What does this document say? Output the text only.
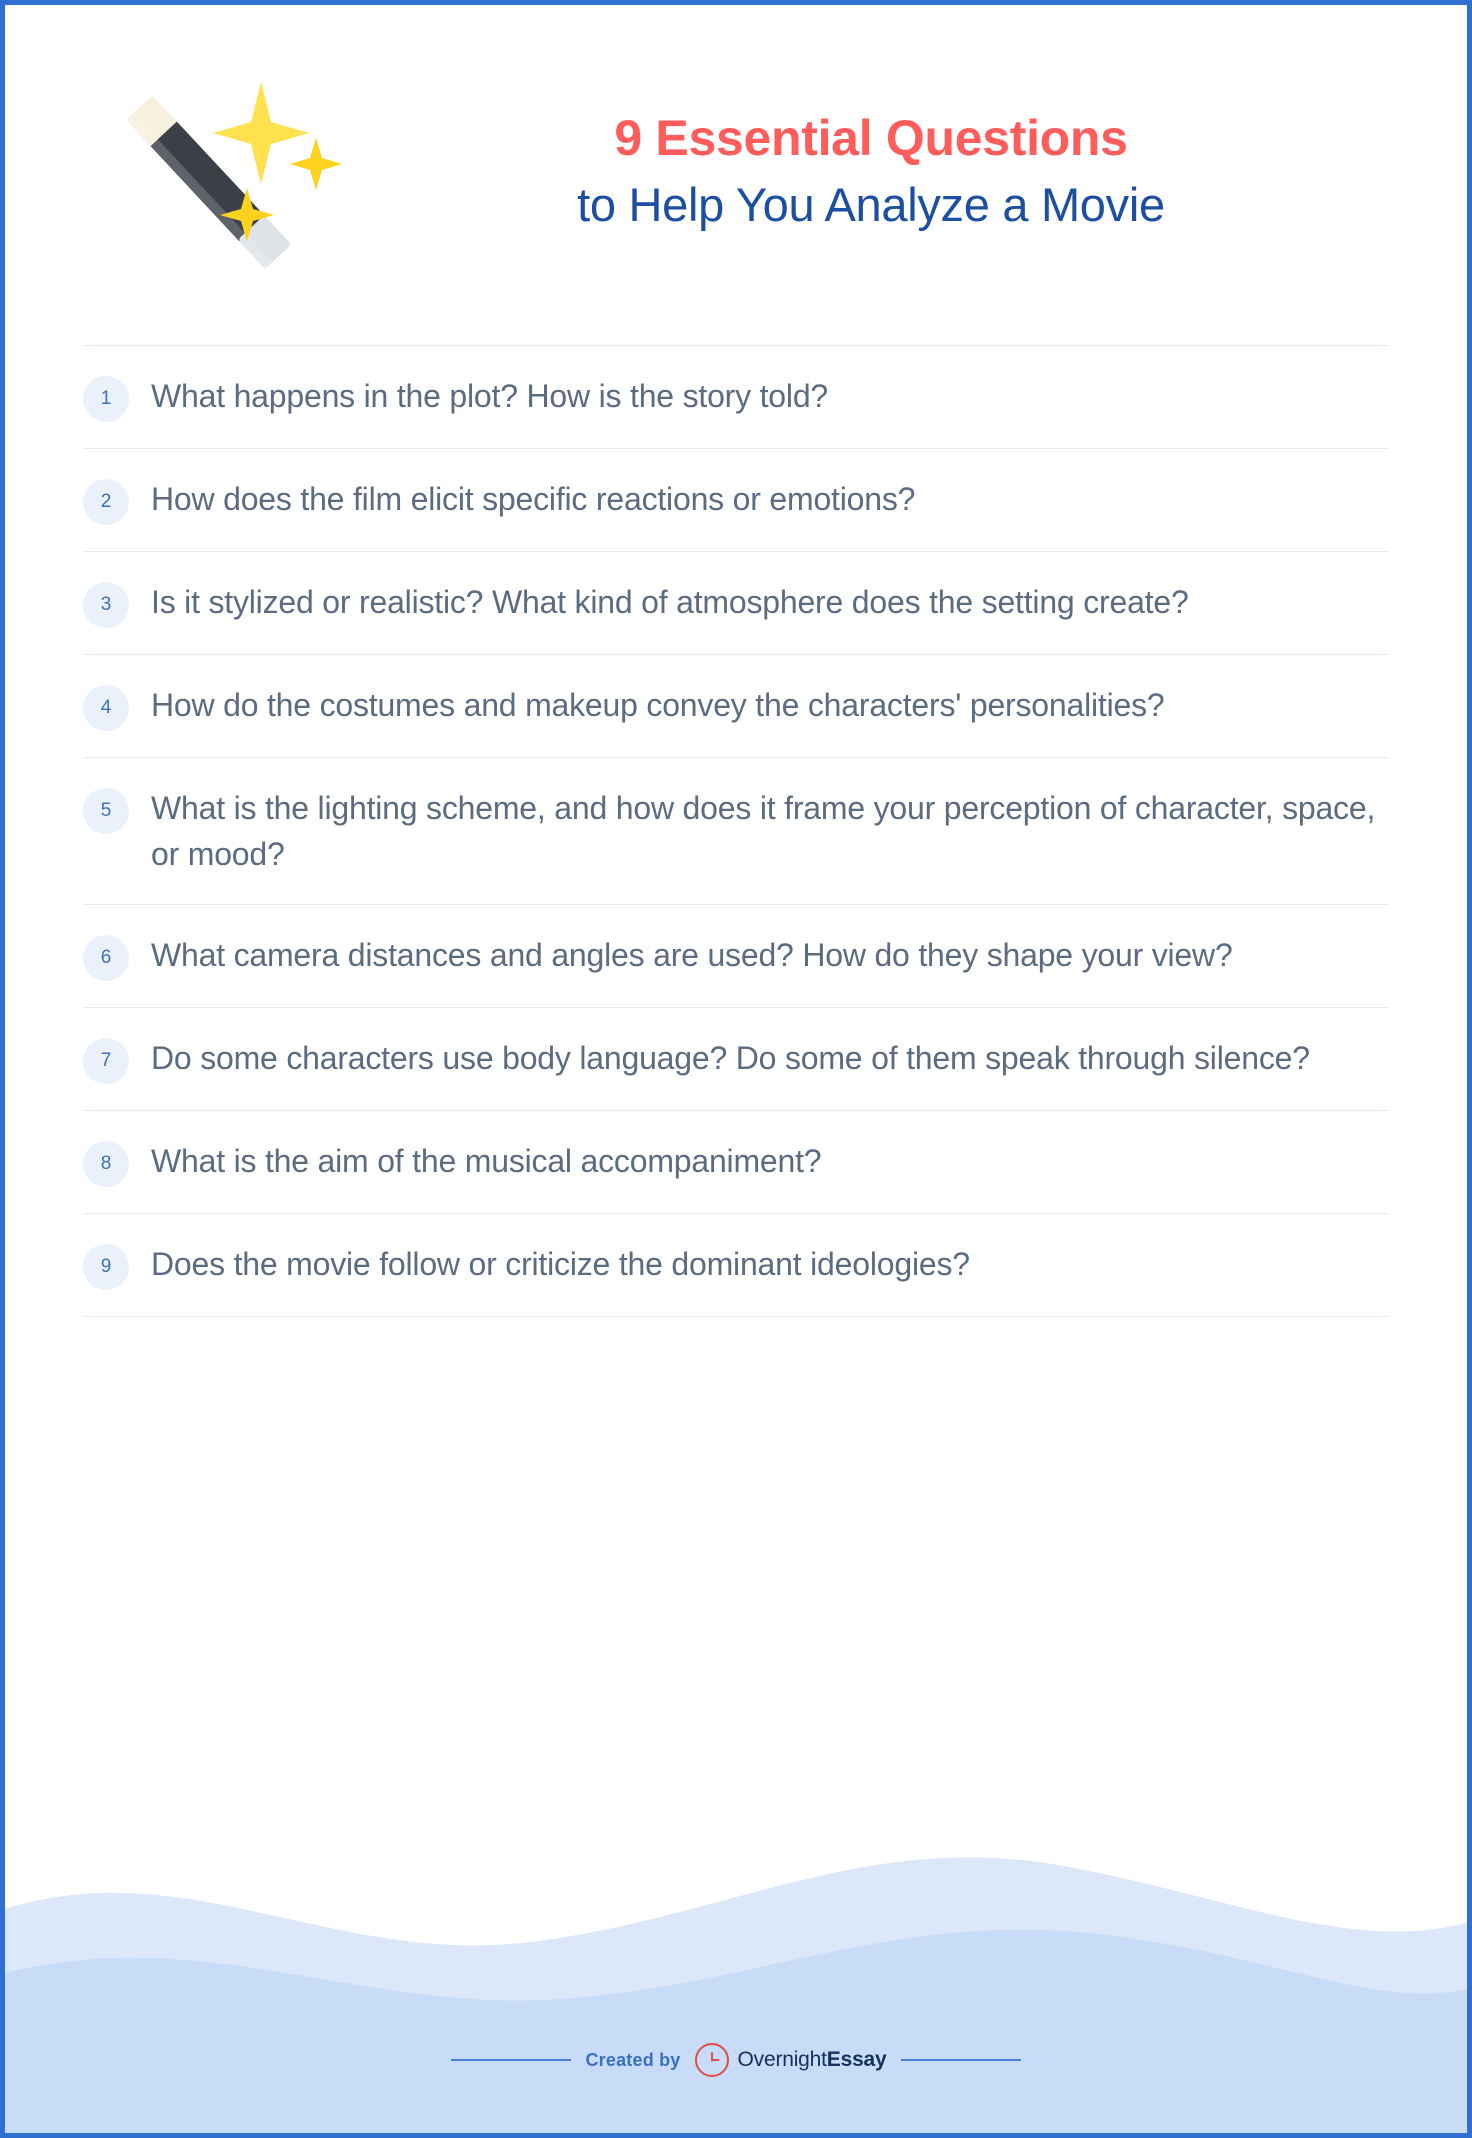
9 Essential Questions
to Help You Analyze a Movie
1	What happens in the plot? How is the story told?
2	How does the film elicit specific reactions or emotions?
3	Is it stylized or realistic? What kind of atmosphere does the setting create?
4	How do the costumes and makeup convey the characters' personalities?
5	What is the lighting scheme, and how does it frame your perception of character, space, or mood?
6	What camera distances and angles are used? How do they shape your view?
7	Do some characters use body language? Do some of them speak through silence?
8	What is the aim of the musical accompaniment?
9	Does the movie follow or criticize the dominant ideologies?
Created by	OvernightEssay
